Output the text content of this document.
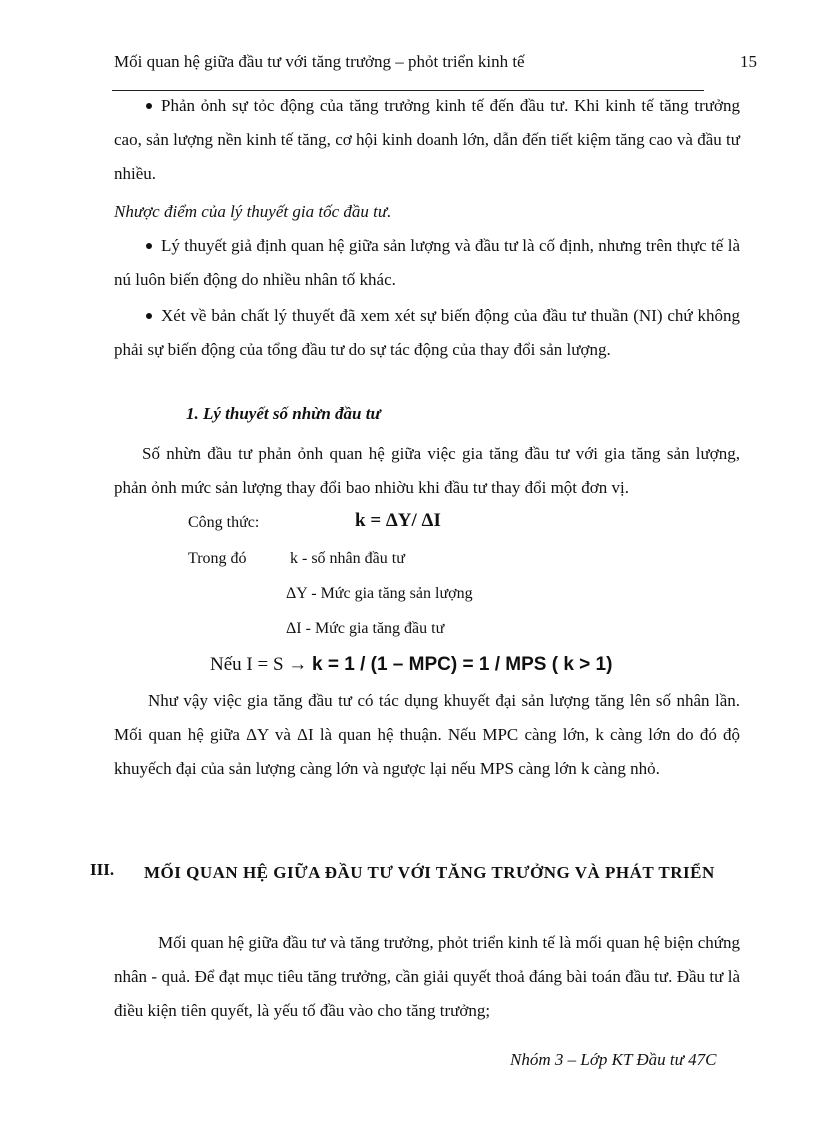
Mối quan hệ giữa đầu tư với tăng trưởng – phỏt triển kinh tế	15
Phản ỏnh sự tỏc động của tăng trưởng kinh tế đến đầu tư. Khi kinh tế tăng trưởng cao, sản lượng nền kinh tế tăng, cơ hội kinh doanh lớn, dẫn đến tiết kiệm tăng cao và đầu tư nhiều.
Nhược điểm của lý thuyết gia tốc đầu tư.
Lý thuyết giả định quan hệ giữa sản lượng và đầu tư là cố định, nhưng trên thực tế là nú luôn biến động do nhiều nhân tố khác.
Xét về bản chất lý thuyết đã xem xét sự biến động của đầu tư thuần (NI) chứ không phải sự biến động của tổng đầu tư do sự tác động của thay đổi sản lượng.
1. Lý thuyết số nhừn đầu tư
Số nhừn đầu tư phản ỏnh quan hệ giữa việc gia tăng đầu tư với gia tăng sản lượng, phản ỏnh mức sản lượng thay đổi bao nhiờu khi đầu tư thay đổi một đơn vị.
Công thức:	k = ΔY/ ΔI
Trong đó	k - số nhân đầu tư
ΔY - Mức gia tăng sản lượng
ΔI - Mức gia tăng đầu tư
Nếu I = S → k = 1 / (1 – MPC) = 1 / MPS ( k > 1)
Như vậy việc gia tăng đầu tư có tác dụng khuyết đại sản lượng tăng lên số nhân lần. Mối quan hệ giữa ΔY và ΔI là quan hệ thuận. Nếu MPC càng lớn, k càng lớn do đó độ khuyếch đại của sản lượng càng lớn và ngược lại nếu MPS càng lớn k càng nhỏ.
III. MỐI QUAN HỆ GIỮA ĐẦU TƯ VỚI TĂNG TRƯỞNG VÀ PHÁT TRIỂN
Mối quan hệ giữa đầu tư và tăng trưởng, phỏt triển kinh tế là mối quan hệ biện chứng nhân - quả. Để đạt mục tiêu tăng trưởng, cần giải quyết thoả đáng bài toán đầu tư. Đầu tư là điều kiện tiên quyết, là yếu tố đầu vào cho tăng trưởng;
Nhóm 3 – Lớp KT Đầu tư 47C
